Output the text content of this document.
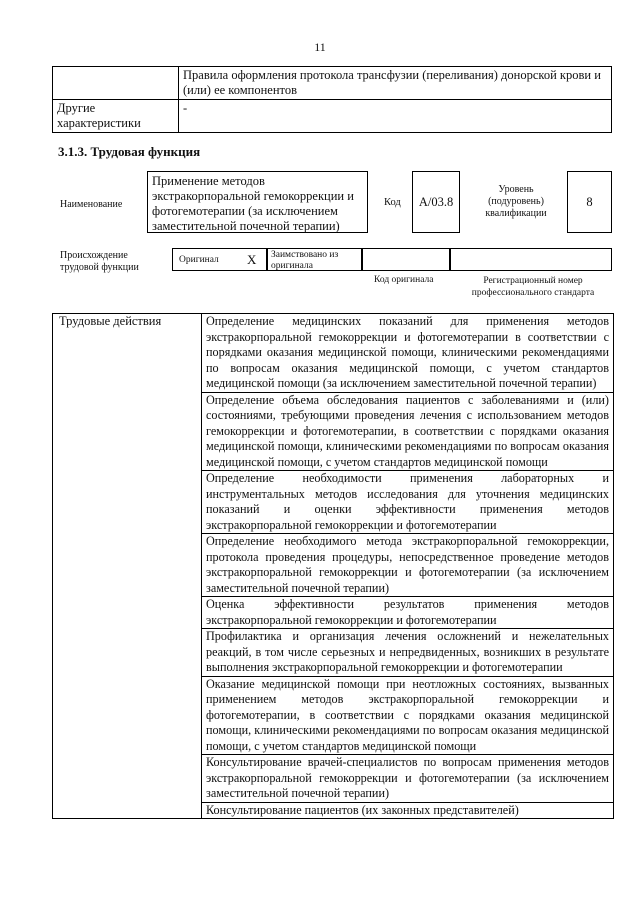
11
	Правила оформления протокола трансфузии (переливания) донорской крови и (или) ее компонентов
Другие характеристики	-
3.1.3. Трудовая функция
Наименование
Применение методов экстракорпоральной гемокоррекции и фотогемотерапии (за исключением заместительной почечной терапии)
Код	A/03.8
Уровень (подуровень) квалификации
8
Происхождение трудовой функции
Оригинал X	Заимствовано из оригинала
Код оригинала	Регистрационный номер профессионального стандарта
Трудовые действия	Определение медицинских показаний для применения методов экстракорпоральной гемокоррекции и фотогемотерапии в соответствии с порядками оказания медицинской помощи, клиническими рекомендациями по вопросам оказания медицинской помощи, с учетом стандартов медицинской помощи (за исключением заместительной почечной терапии)
Определение объема обследования пациентов с заболеваниями и (или) состояниями, требующими проведения лечения с использованием методов гемокоррекции и фотогемотерапии, в соответствии с порядками оказания медицинской помощи, клиническими рекомендациями по вопросам оказания медицинской помощи, с учетом стандартов медицинской помощи
Определение необходимости применения лабораторных и инструментальных методов исследования для уточнения медицинских показаний и оценки эффективности применения методов экстракорпоральной гемокоррекции и фотогемотерапии
Определение необходимого метода экстракорпоральной гемокоррекции, протокола проведения процедуры, непосредственное проведение методов экстракорпоральной гемокоррекции и фотогемотерапии (за исключением заместительной почечной терапии)
Оценка эффективности результатов применения методов экстракорпоральной гемокоррекции и фотогемотерапии
Профилактика и организация лечения осложнений и нежелательных реакций, в том числе серьезных и непредвиденных, возникших в результате выполнения экстракорпоральной гемокоррекции и фотогемотерапии
Оказание медицинской помощи при неотложных состояниях, вызванных применением методов экстракорпоральной гемокоррекции и фотогемотерапии, в соответствии с порядками оказания медицинской помощи, клиническими рекомендациями по вопросам оказания медицинской помощи, с учетом стандартов медицинской помощи
Консультирование врачей-специалистов по вопросам применения методов экстракорпоральной гемокоррекции и фотогемотерапии (за исключением заместительной почечной терапии)
Консультирование пациентов (их законных представителей)
